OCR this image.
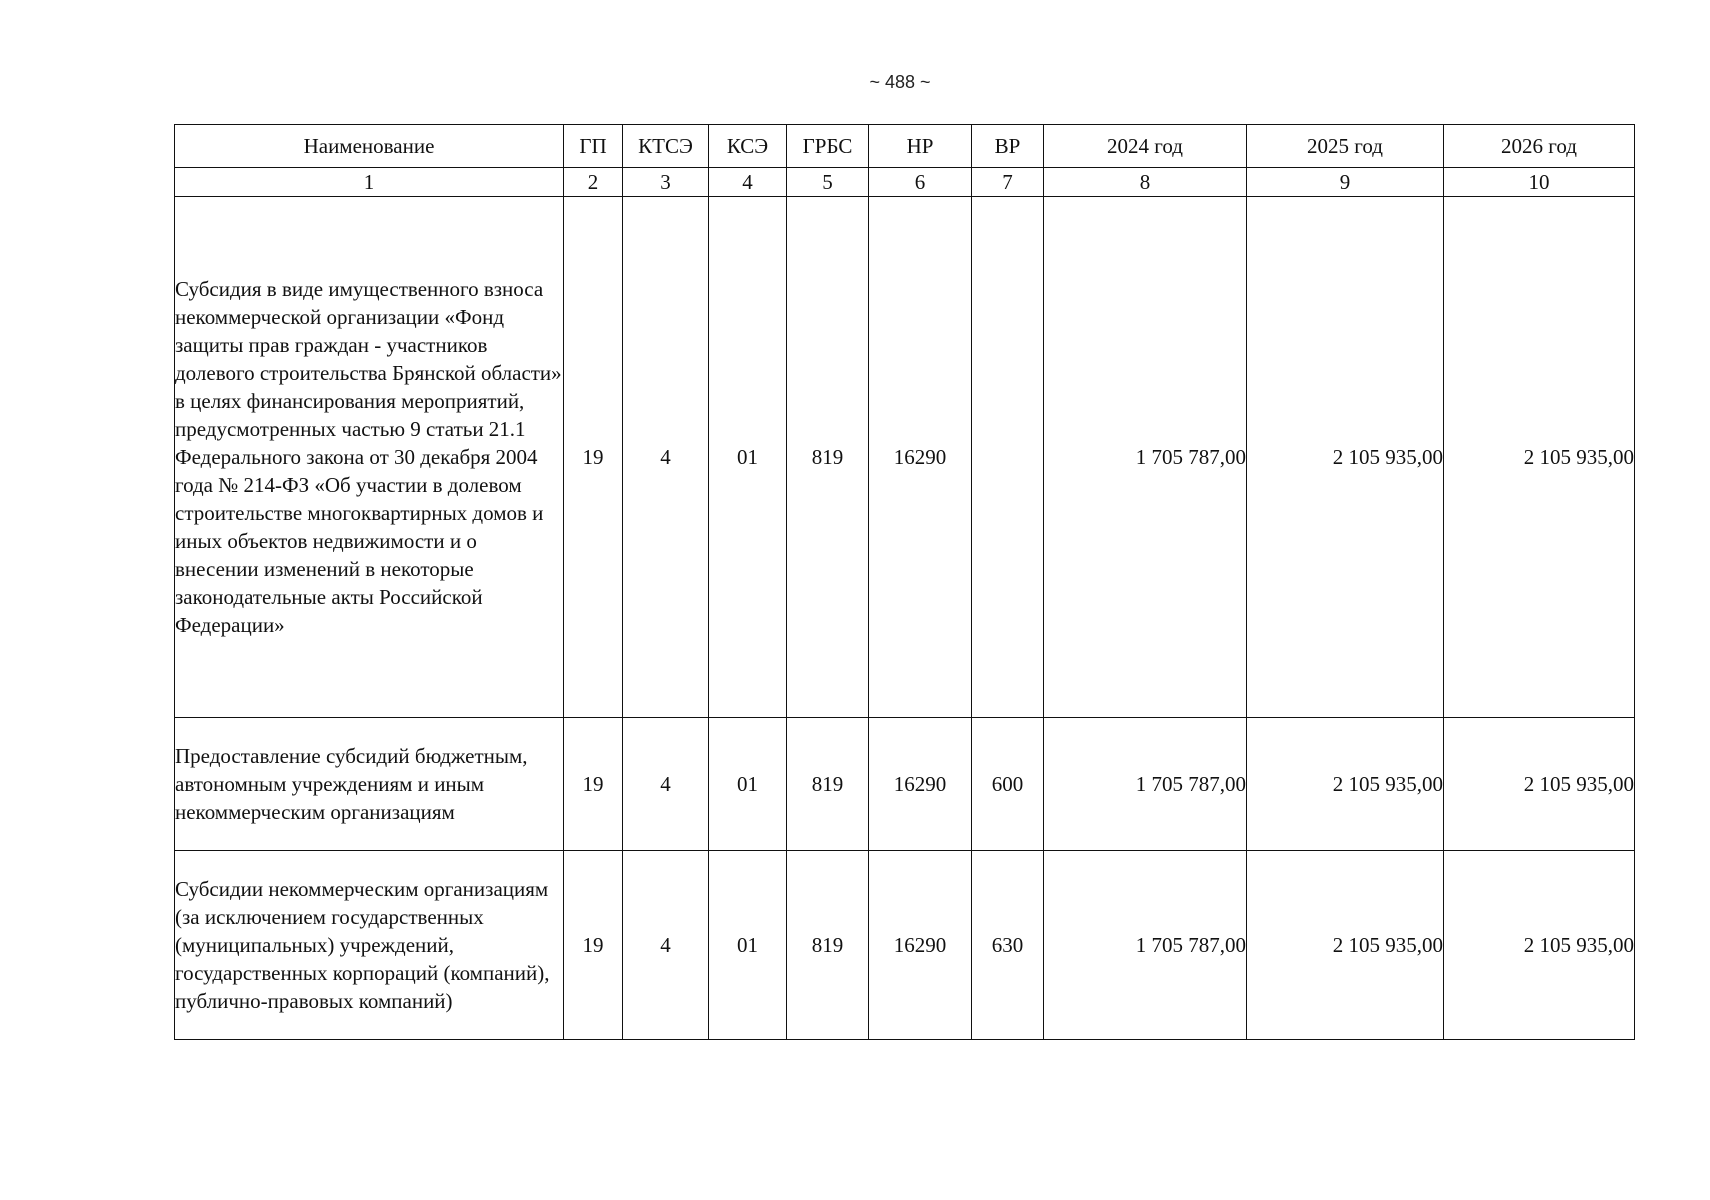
~ 488 ~
Наименование	ГП	КТСЭ	КСЭ	ГРБС	НР	ВР	2024 год	2025 год	2026 год
1	2	3	4	5	6	7	8	9	10
Субсидия в виде имущественного взноса некоммерческой организации «Фонд защиты прав граждан - участников долевого строительства Брянской области» в целях финансирования мероприятий, предусмотренных частью 9 статьи 21.1 Федерального закона от 30 декабря 2004 года № 214-ФЗ «Об участии в долевом строительстве многоквартирных домов и иных объектов недвижимости и о внесении изменений в некоторые законодательные акты Российской Федерации»	19	4	01	819	16290		1 705 787,00	2 105 935,00	2 105 935,00
Предоставление субсидий бюджетным, автономным учреждениям и иным некоммерческим организациям	19	4	01	819	16290	600	1 705 787,00	2 105 935,00	2 105 935,00
Субсидии некоммерческим организациям (за исключением государственных (муниципальных) учреждений, государственных корпораций (компаний), публично-правовых компаний)	19	4	01	819	16290	630	1 705 787,00	2 105 935,00	2 105 935,00
